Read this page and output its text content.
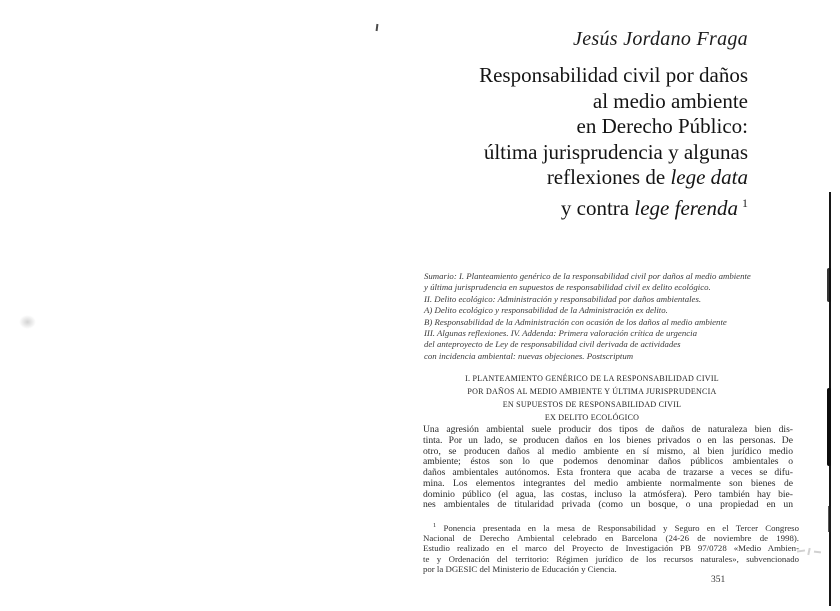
Jesús Jordano Fraga
Responsabilidad civil por daños
al medio ambiente
en Derecho Público:
última jurisprudencia y algunas
reflexiones de lege data
y contra lege ferenda $^1$
Sumario: I. Planteamiento genérico de la responsabilidad civil por daños al medio ambiente
y última jurisprudencia en supuestos de responsabilidad civil ex delito ecológico.
II. Delito ecológico: Administración y responsabilidad por daños ambientales.
A) Delito ecológico y responsabilidad de la Administración ex delito.
B) Responsabilidad de la Administración con ocasión de los daños al medio ambiente
III. Algunas reflexiones. IV. Addenda: Primera valoración crítica de urgencia
del anteproyecto de Ley de responsabilidad civil derivada de actividades
con incidencia ambiental: nuevas objeciones. Postscriptum
I. PLANTEAMIENTO GENÉRICO DE LA RESPONSABILIDAD CIVIL
POR DAÑOS AL MEDIO AMBIENTE Y ÚLTIMA JURISPRUDENCIA
EN SUPUESTOS DE RESPONSABILIDAD CIVIL
EX DELITO ECOLÓGICO
Una agresión ambiental suele producir dos tipos de daños de naturaleza bien dis-
tinta. Por un lado, se producen daños en los bienes privados o en las personas. De
otro, se producen daños al medio ambiente en sí mismo, al bien jurídico medio
ambiente; éstos son lo que podemos denominar daños públicos ambientales o
daños ambientales autónomos. Esta frontera que acaba de trazarse a veces se difu-
mina. Los elementos integrantes del medio ambiente normalmente son bienes de
dominio público (el agua, las costas, incluso la atmósfera). Pero también hay bie-
nes ambientales de titularidad privada (como un bosque, o una propiedad en un
$^1$ Ponencia presentada en la mesa de Responsabilidad y Seguro en el Tercer Congreso
Nacional de Derecho Ambiental celebrado en Barcelona (24-26 de noviembre de 1998).
Estudio realizado en el marco del Proyecto de Investigación PB 97/0728 «Medio Ambien-
te y Ordenación del territorio: Régimen jurídico de los recursos naturales», subvencionado
por la DGESIC del Ministerio de Educación y Ciencia.
351
